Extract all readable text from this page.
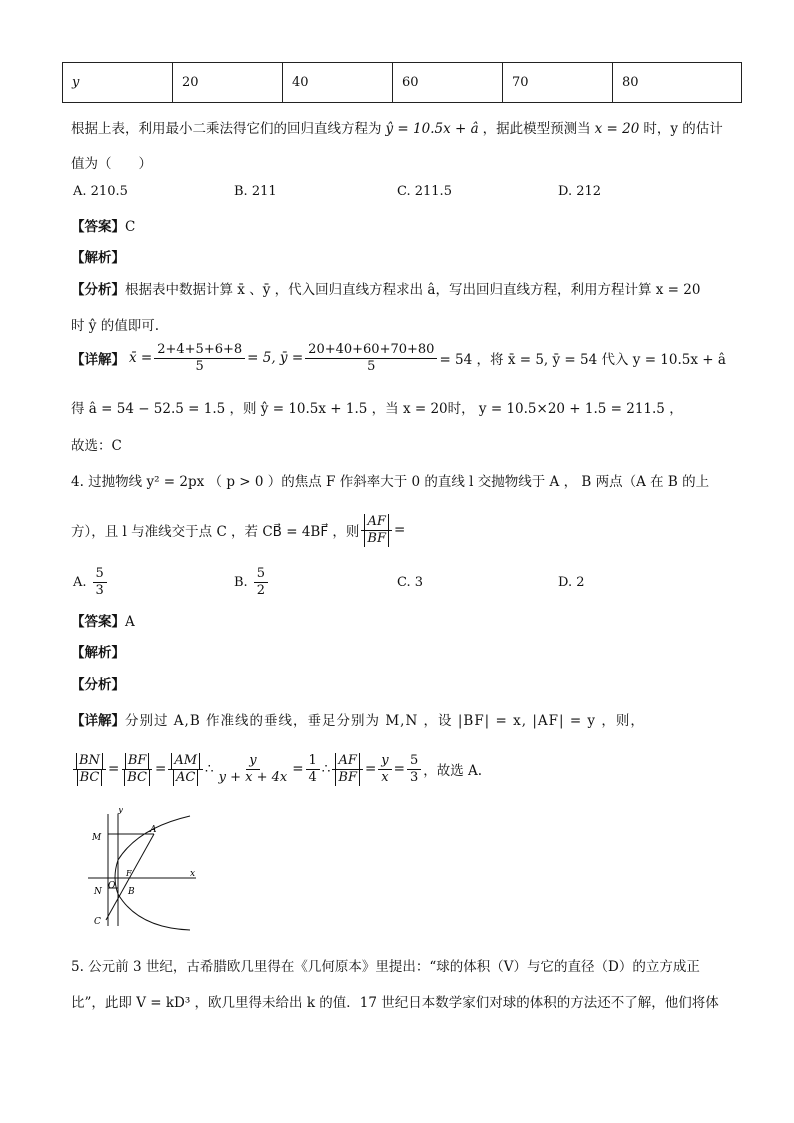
y	20	40	60	70	80
根据上表，利用最小二乘法得它们的回归直线方程为 ŷ = 10.5x + â ，据此模型预测当 x = 20 时，y 的估计
值为（　　）
A. 210.5	B. 211	C. 211.5	D. 212
【答案】C
【解析】
【分析】根据表中数据计算 x̄ 、ȳ ，代入回归直线方程求出 â，写出回归直线方程，利用方程计算 x = 20
时 ŷ 的值即可.
【详解】 x̄ = $\frac{2+4+5+6+8}{5} = 5$, ȳ = $\frac{20+40+60+70+80}{5} = 54$ ，将 x̄ = 5, ȳ = 54 代入 y = 10.5x + â
得 â = 54 − 52.5 = 1.5 ，则 ŷ = 10.5x + 1.5 ，当 x = 20时， y = 10.5×20 + 1.5 = 211.5 ，
故选：C
4. 过抛物线 y² = 2px （ p > 0 ）的焦点 F 作斜率大于 0 的直线 l 交抛物线于 A ， B 两点（A 在 B 的上
方），且 l 与准线交于点 C ，若 CB⃗ = 4BF⃗ ，则 $\frac{AF}{BF}$ =
A. $\frac{5}{3}$	B. $\frac{5}{2}$	C. 3	D. 2
【答案】A
【解析】
【分析】
【详解】分别过 A,B 作准线的垂线，垂足分别为 M,N ，设 |BF| = x, |AF| = y ，则，
$\frac{BN}{BC} = \frac{BF}{BC} = \frac{AM}{AC}$ ∴ $\frac{y}{y + x + 4x} = \frac{1}{4}$ ∴ $\frac{AF}{BF} = \frac{y}{x} = \frac{5}{3}$ ，故选 A.
y
x
M
A
F
O
N	B
C
5. 公元前 3 世纪，古希腊欧几里得在《几何原本》里提出：“球的体积（V）与它的直径（D）的立方成正
比”，此即 V = kD³ ，欧几里得未给出 k 的值．17 世纪日本数学家们对球的体积的方法还不了解，他们将体
